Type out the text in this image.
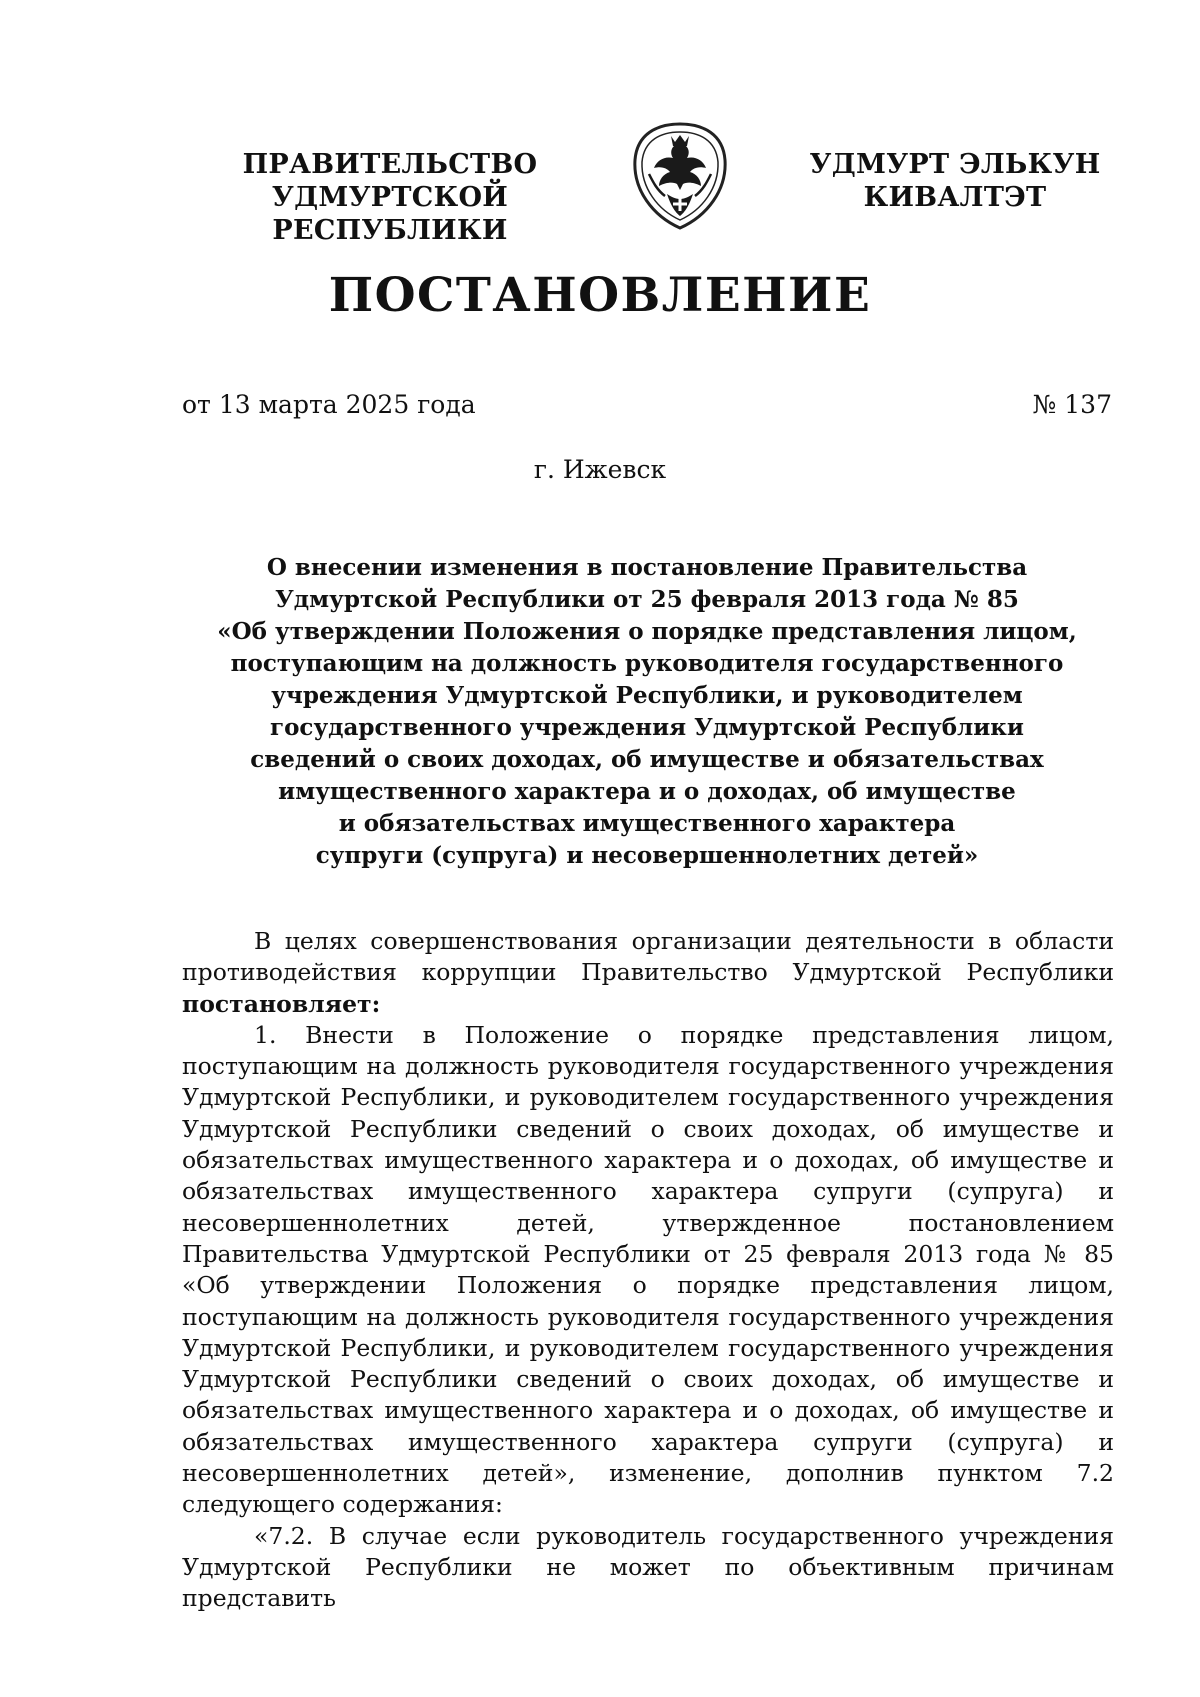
ПРАВИТЕЛЬСТВО
УДМУРТСКОЙ РЕСПУБЛИКИ
УДМУРТ ЭЛЬКУН
КИВАЛТЭТ
ПОСТАНОВЛЕНИЕ
от 13 марта 2025 года	№ 137
г. Ижевск
О внесении изменения в постановление Правительства
Удмуртской Республики от 25 февраля 2013 года № 85
«Об утверждении Положения о порядке представления лицом,
поступающим на должность руководителя государственного
учреждения Удмуртской Республики, и руководителем
государственного учреждения Удмуртской Республики
сведений о своих доходах, об имуществе и обязательствах
имущественного характера и о доходах, об имуществе
и обязательствах имущественного характера
супруги (супруга) и несовершеннолетних детей»

В целях совершенствования организации деятельности в области противодействия коррупции Правительство Удмуртской Республики постановляет:

1. Внести в Положение о порядке представления лицом, поступающим на должность руководителя государственного учреждения Удмуртской Республики, и руководителем государственного учреждения Удмуртской Республики сведений о своих доходах, об имуществе и обязательствах имущественного характера и о доходах, об имуществе и обязательствах имущественного характера супруги (супруга) и несовершеннолетних детей, утвержденное постановлением Правительства Удмуртской Республики от 25 февраля 2013 года № 85 «Об утверждении Положения о порядке представления лицом, поступающим на должность руководителя государственного учреждения Удмуртской Республики, и руководителем государственного учреждения Удмуртской Республики сведений о своих доходах, об имуществе и обязательствах имущественного характера и о доходах, об имуществе и обязательствах имущественного характера супруги (супруга) и несовершеннолетних детей», изменение, дополнив пунктом 7.2 следующего содержания:

«7.2. В случае если руководитель государственного учреждения Удмуртской Республики не может по объективным причинам представить
